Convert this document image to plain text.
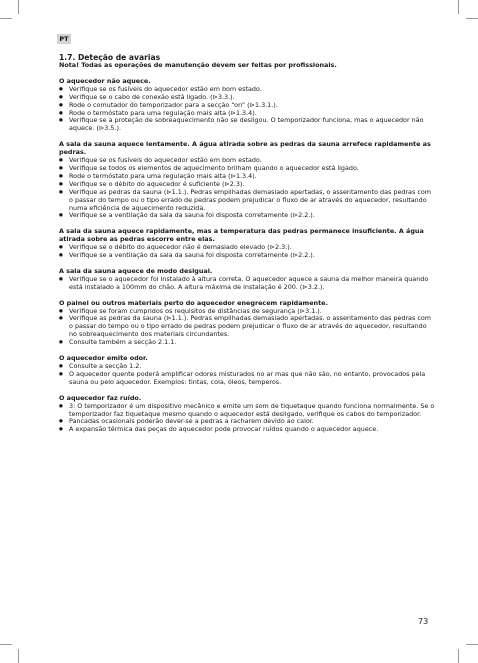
PT
1.7. Deteção de avarias
Nota! Todas as operações de manutenção devem ser feitas por profissionais.
O aquecedor não aquece.
● Verifique se os fusíveis do aquecedor estão em bom estado.
● Verifique se o cabo de conexão está ligado. (⊳3.3.).
● Rode o comutador do temporizador para a secção “on” (⊳1.3.1.).
● Rode o termóstato para uma regulação mais alta (⊳1.3.4).
● Verifique se a proteção de sobreaquecimento não se desligou. O temporizador funciona, mas o aquecedor não aquece. (⊳3.5.).
A sala da sauna aquece lentamente. A água atirada sobre as pedras da sauna arrefece rapidamente as pedras.
● Verifique se os fusíveis do aquecedor estão em bom estado.
● Verifique se todos os elementos de aquecimento brilham quando o aquecedor está ligado.
● Rode o termóstato para uma regulação mais alta (⊳1.3.4).
● Verifique se o débito do aquecedor é suficiente (⊳2.3).
● Verifique as pedras da sauna (⊳1.1.). Pedras empilhadas demasiado apertadas, o assentamento das pedras com o passar do tempo ou o tipo errado de pedras podem prejudicar o fluxo de ar através do aquecedor, resultando numa eficiência de aquecimento reduzida.
● Verifique se a ventilação da sala da sauna foi disposta corretamente (⊳2.2.).
A sala da sauna aquece rapidamente, mas a temperatura das pedras permanece insuficiente. A água atirada sobre as pedras escorre entre elas.
● Verifique se o débito do aquecedor não é demasiado elevado (⊳2.3.).
● Verifique se a ventilação da sala da sauna foi disposta corretamente (⊳2.2.).
A sala da sauna aquece de modo desigual.
● Verifique se o aquecedor foi instalado à altura correta. O aquecedor aquece a sauna da melhor maneira quando está instalado a 100mm do chão. A altura máxima de instalação é 200. (⊳3.2.).
O painel ou outros materiais perto do aquecedor enegrecem rapidamente.
● Verifique se foram cumpridos os requisitos de distâncias de segurança (⊳3.1.).
● Verifique as pedras da sauna (⊳1.1.). Pedras empilhadas demasiado apertadas, o assentamento das pedras com o passar do tempo ou o tipo errado de pedras podem prejudicar o fluxo de ar através do aquecedor, resultando no sobreaquecimento dos materiais circundantes.
● Consulte também a secção 2.1.1.
O aquecedor emite odor.
● Consulte a secção 1.2.
● O aquecedor quente poderá amplificar odores misturados no ar mas que não são, no entanto, provocados pela sauna ou pelo aquecedor. Exemplos: tintas, cola, óleos, temperos.
O aquecedor faz ruído.
● 3: O temporizador é um dispositivo mecânico e emite um som de tiquetaque quando funciona normalmente. Se o temporizador faz tiquetaque mesmo quando o aquecedor está desligado, verifique os cabos do temporizador.
● Pancadas ocasionais poderão dever-se a pedras a racharem devido ao calor.
● A expansão térmica das peças do aquecedor pode provocar ruídos quando o aquecedor aquece.
73
